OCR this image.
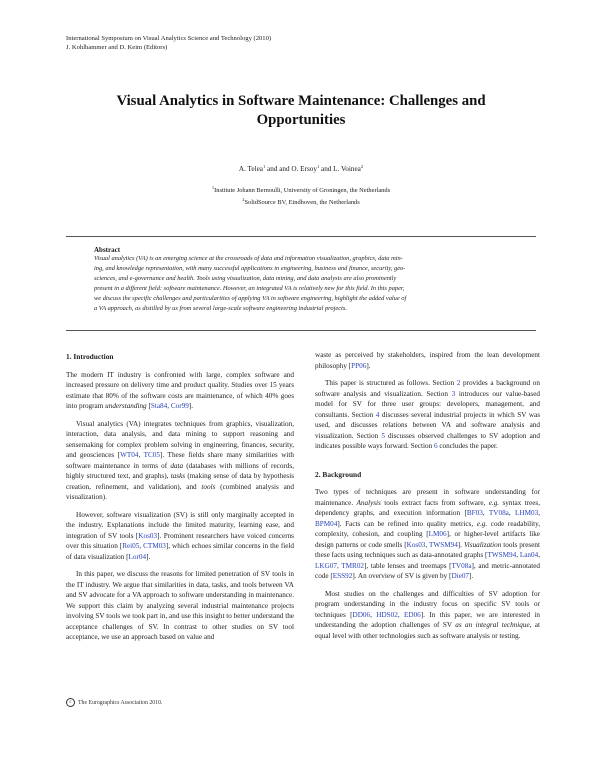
International Symposium on Visual Analytics Science and Technology (2010)
J. Kohlhammer and D. Keim (Editors)
Visual Analytics in Software Maintenance: Challenges and
Opportunities
A. Telea$^1$ and and O. Ersoy$^1$ and L. Voinea$^2$
$^1$Institute Johann Bernoulli, University of Groningen, the Netherlands
$^2$SolidSource BV, Eindhoven, the Netherlands
Abstract
Visual analytics (VA) is an emerging science at the crossroads of data and information visualization, graphics, data min-
ing, and knowledge representation, with many successful applications in engineering, business and finance, security, geo-
sciences, and e-governance and health. Tools using visualization, data mining, and data analysis are also prominently
present in a different field: software maintenance. However, an integrated VA is relatively new for this field. In this paper,
we discuss the specific challenges and particularities of applying VA in software engineering, highlight the added value of
a VA approach, as distilled by us from several large-scale software engineering industrial projects.
1. Introduction

The modern IT industry is confronted with large, complex software and increased pressure on delivery time and product quality. Studies over 15 years estimate that 80% of the software costs are maintenance, of which 40% goes into program understanding [Sta84, Cor99].

Visual analytics (VA) integrates techniques from graphics, visualization, interaction, data analysis, and data mining to support reasoning and sensemaking for complex problem solving in engineering, finances, security, and geosciences [WT04, TC05]. These fields share many similarities with software maintenance in terms of data (databases with millions of records, highly structured text, and graphs), tasks (making sense of data by hypothesis creation, refinement, and validation), and tools (combined analysis and visualization).

However, software visualization (SV) is still only marginally accepted in the industry. Explanations include the limited maturity, learning ease, and integration of SV tools [Kos03]. Prominent researchers have voiced concerns over this situation [Rei05, CTM03], which echoes similar concerns in the field of data visualization [Lor04].

In this paper, we discuss the reasons for limited penetration of SV tools in the IT industry. We argue that similarities in data, tasks, and tools between VA and SV advocate for a VA approach to software understanding in maintenance. We support this claim by analyzing several industrial maintenance projects involving SV tools we took part in, and use this insight to better understand the acceptance challenges of SV. In contrast to other studies on SV tool acceptance, we use an approach based on value and

waste as perceived by stakeholders, inspired from the lean development philosophy [PP06].

This paper is structured as follows. Section 2 provides a background on software analysis and visualization. Section 3 introduces our value-based model for SV for three user groups: developers, management, and consultants. Section 4 discusses several industrial projects in which SV was used, and discusses relations between VA and software analysis and visualization. Section 5 discusses observed challenges to SV adoption and indicates possible ways forward. Section 6 concludes the paper.

2. Background

Two types of techniques are present in software understanding for maintenance. Analysis tools extract facts from software, e.g. syntax trees, dependency graphs, and execution information [BF03, TV08a, LHM03, BPM04]. Facts can be refined into quality metrics, e.g. code readability, complexity, cohesion, and coupling [LM06], or higher-level artifacts like design patterns or code smells [Kos03, TWSM94]. Visualization tools present these facts using techniques such as data-annotated graphs [TWSM94, Lan04, LKG07, TMR02], table lenses and treemaps [TV08a], and metric-annotated code [ESS92]. An overview of SV is given by [Die07].

Most studies on the challenges and difficulties of SV adoption for program understanding in the industry focus on specific SV tools or techniques [DD06, HDS02, ED06]. In this paper, we are interested in understanding the adoption challenges of SV as an integral technique, at equal level with other technologies such as software analysis or testing.

c The Eurographics Association 2010.
